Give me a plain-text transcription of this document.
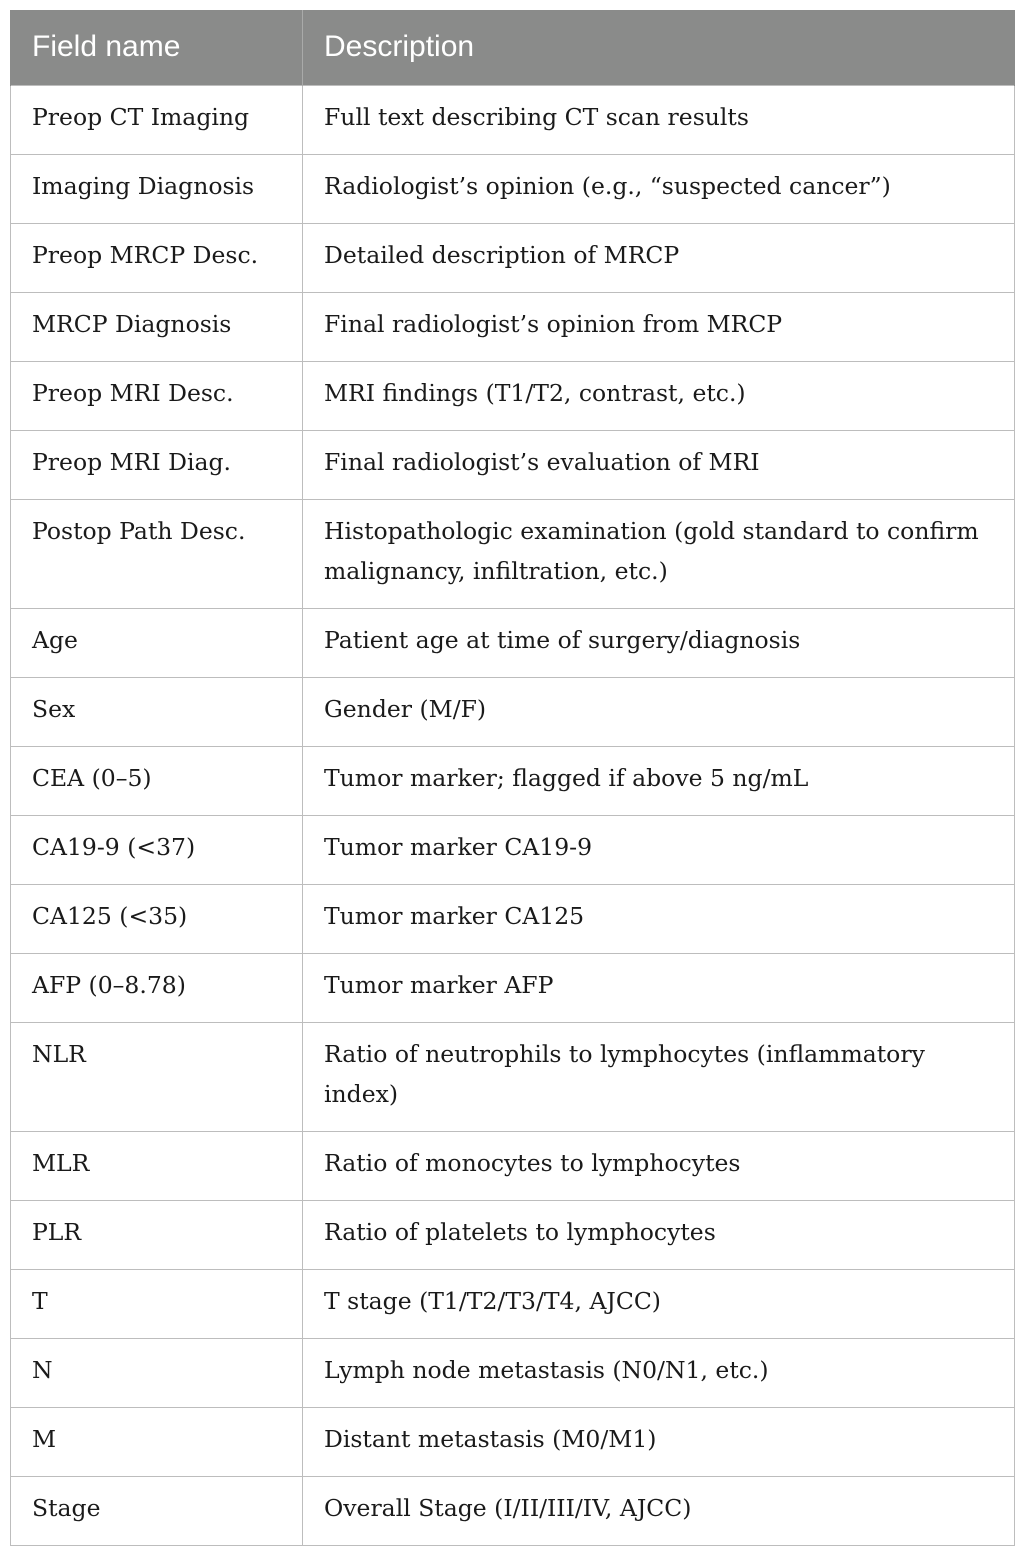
Field name	Description

Preop CT Imaging	Full text describing CT scan results

Imaging Diagnosis	Radiologist’s opinion (e.g., “suspected cancer”)

Preop MRCP Desc.	Detailed description of MRCP

MRCP Diagnosis	Final radiologist’s opinion from MRCP

Preop MRI Desc.	MRI findings (T1/T2, contrast, etc.)

Preop MRI Diag.	Final radiologist’s evaluation of MRI

Postop Path Desc.	Histopathologic examination (gold standard to confirm malignancy, infiltration, etc.)

Age	Patient age at time of surgery/diagnosis

Sex	Gender (M/F)

CEA (0–5)	Tumor marker; flagged if above 5 ng/mL

CA19-9 (<37)	Tumor marker CA19-9

CA125 (<35)	Tumor marker CA125

AFP (0–8.78)	Tumor marker AFP

NLR	Ratio of neutrophils to lymphocytes (inflammatory index)

MLR	Ratio of monocytes to lymphocytes

PLR	Ratio of platelets to lymphocytes

T	T stage (T1/T2/T3/T4, AJCC)

N	Lymph node metastasis (N0/N1, etc.)

M	Distant metastasis (M0/M1)

Stage	Overall Stage (I/II/III/IV, AJCC)
